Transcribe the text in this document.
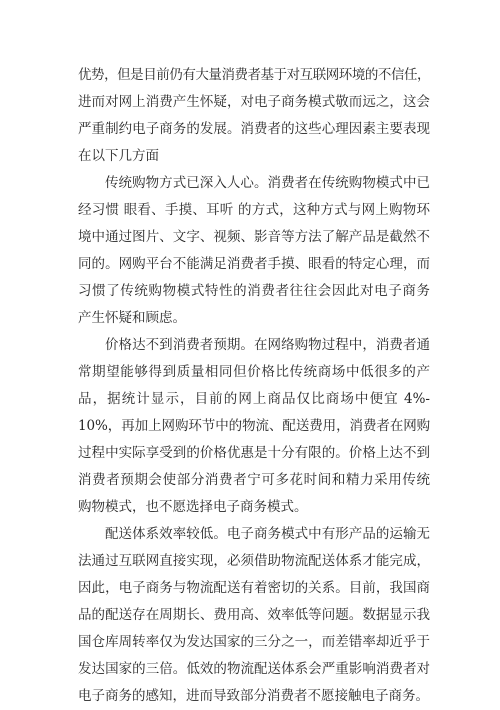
优势，但是目前仍有大量消费者基于对互联网环境的不信任，
进而对网上消费产生怀疑，对电子商务模式敬而远之，这会
严重制约电子商务的发展。消费者的这些心理因素主要表现
在以下几方面
传统购物方式已深入人心。消费者在传统购物模式中已
经习惯 眼看、手摸、耳听 的方式，这种方式与网上购物环
境中通过图片、文字、视频、影音等方法了解产品是截然不
同的。网购平台不能满足消费者手摸、眼看的特定心理，而
习惯了传统购物模式特性的消费者往往会因此对电子商务
产生怀疑和顾虑。
价格达不到消费者预期。在网络购物过程中，消费者通
常期望能够得到质量相同但价格比传统商场中低很多的产
品，据统计显示，目前的网上商品仅比商场中便宜 4%-
10%，再加上网购环节中的物流、配送费用，消费者在网购
过程中实际享受到的价格优惠是十分有限的。价格上达不到
消费者预期会使部分消费者宁可多花时间和精力采用传统
购物模式，也不愿选择电子商务模式。
配送体系效率较低。电子商务模式中有形产品的运输无
法通过互联网直接实现，必须借助物流配送体系才能完成，
因此，电子商务与物流配送有着密切的关系。目前，我国商
品的配送存在周期长、费用高、效率低等问题。数据显示我
国仓库周转率仅为发达国家的三分之一，而差错率却近乎于
发达国家的三倍。低效的物流配送体系会严重影响消费者对
电子商务的感知，进而导致部分消费者不愿接触电子商务。
